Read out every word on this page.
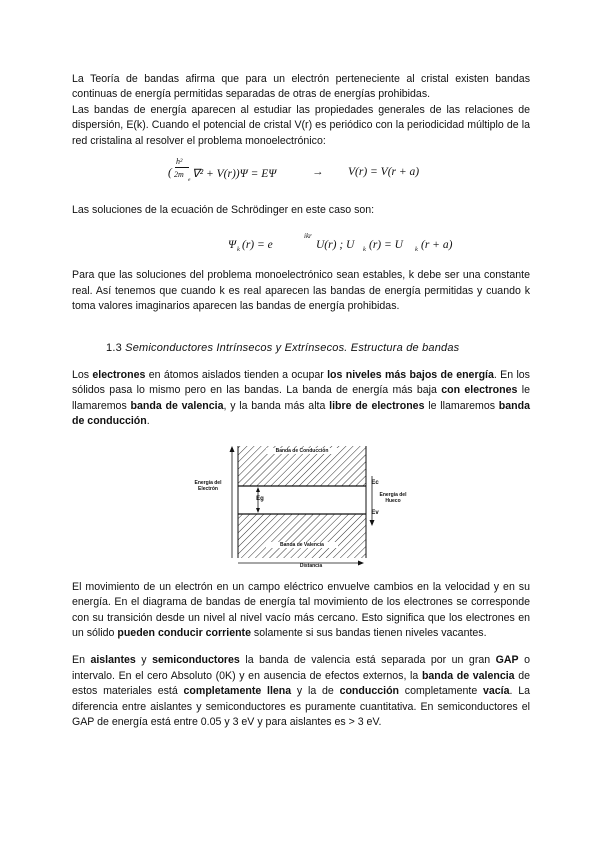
La Teoría de bandas afirma que para un electrón perteneciente al cristal existen bandas continuas de energía permitidas separadas de otras de energías prohibidas.

Las bandas de energía aparecen al estudiar las propiedades generales de las relaciones de dispersión, E(k). Cuando el potencial de cristal V(r) es periódico con la periodicidad múltiplo de la red cristalina al resolver el problema monoelectrónico:

(
h²
2m
e ∇² + V(r))Ψ = EΨ	→ V(r) = V(r + a)

Las soluciones de la ecuación de Schrödinger en este caso son:

Ψ k (r) = e
ikr
U(r) ; U k (r) = U k (r + a)

Para que las soluciones del problema monoelectrónico sean estables, k debe ser una constante real. Así tenemos que cuando k es real aparecen las bandas de energía permitidas y cuando k toma valores imaginarios aparecen las bandas de energía prohibidas.

1.3 Semiconductores Intrínsecos y Extrínsecos. Estructura de bandas

Los electrones en átomos aislados tienden a ocupar los niveles más bajos de energía. En los sólidos pasa lo mismo pero en las bandas. La banda de energía más baja con electrones le llamaremos banda de valencia, y la banda más alta libre de electrones le llamaremos banda de conducción.

Banda de Conducción
Banda de Valencia
Energía del Electrón
Energía del Hueco
Eg
Ec
Ev
Distancia

El movimiento de un electrón en un campo eléctrico envuelve cambios en la velocidad y en su energía. En el diagrama de bandas de energía tal movimiento de los electrones se corresponde con su transición desde un nivel al nivel vacío más cercano. Esto significa que los electrones en un sólido pueden conducir corriente solamente si sus bandas tienen niveles vacantes.

En aislantes y semiconductores la banda de valencia está separada por un gran GAP o intervalo. En el cero Absoluto (0K) y en ausencia de efectos externos, la banda de valencia de estos materiales está completamente llena y la de conducción completamente vacía. La diferencia entre aislantes y semiconductores es puramente cuantitativa. En semiconductores el GAP de energía está entre 0.05 y 3 eV y para aislantes es > 3 eV.
